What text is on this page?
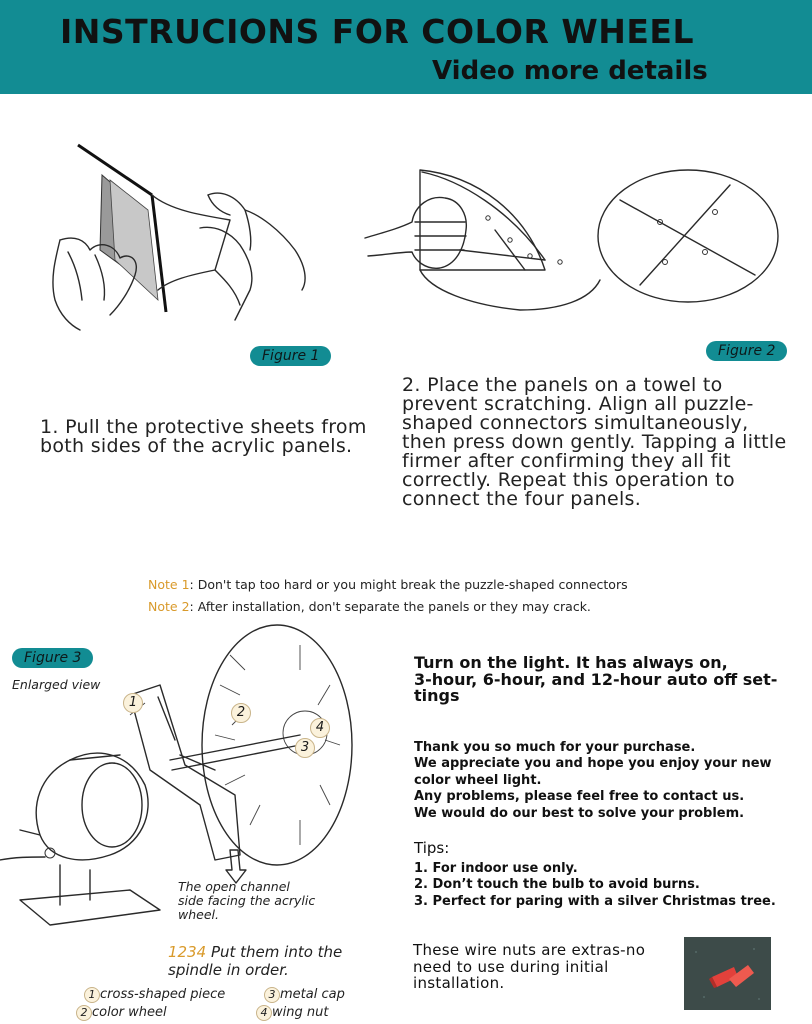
INSTRUCIONS FOR COLOR WHEEL
Video more details
Figure 1	Figure 2
1. Pull the protective sheets from both sides of the acrylic panels.
2. Place the panels on a towel to prevent scratching. Align all puzzle-shaped connectors simultaneously, then press down gently. Tapping a little firmer after confirming they all fit correctly. Repeat this operation to connect the four panels.
Note 1: Don't tap too hard or you might break the puzzle-shaped connectors
Note 2: After installation, don't separate the panels or they may crack.
Figure 3
Enlarged view
1
2
3
4
The open channel
side facing the acrylic
wheel.
1234 Put them into the
spindle in order.
1 cross-shaped piece	3 metal cap
2 color wheel	4 wing nut
Turn on the light. It has always on,
3-hour, 6-hour, and 12-hour auto off set-
tings
Thank you so much for your purchase.
We appreciate you and hope you enjoy your new
color wheel light.
Any problems, please feel free to contact us.
We would do our best to solve your problem.
Tips:
1. For indoor use only.
2. Don’t touch the bulb to avoid burns.
3. Perfect for paring with a silver Christmas tree.
These wire nuts are extras-no
need to use during initial
installation.
